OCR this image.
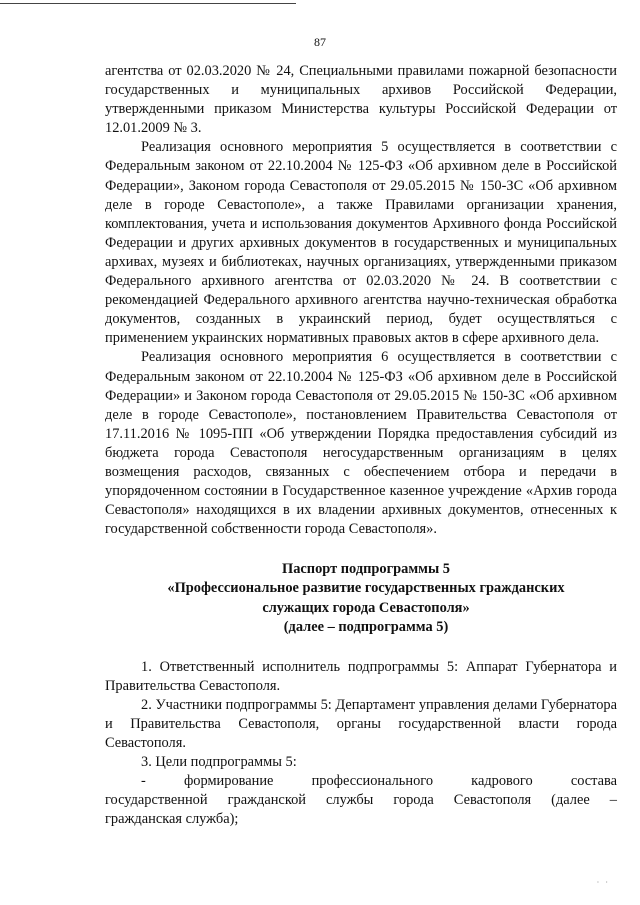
87

агентства от 02.03.2020 № 24, Специальными правилами пожарной безопасности государственных и муниципальных архивов Российской Федерации, утвержденными приказом Министерства культуры Российской Федерации от 12.01.2009 № 3.

Реализация основного мероприятия 5 осуществляется в соответствии с Федеральным законом от 22.10.2004 № 125-ФЗ «Об архивном деле в Российской Федерации», Законом города Севастополя от 29.05.2015 № 150-ЗС «Об архивном деле в городе Севастополе», а также Правилами организации хранения, комплектования, учета и использования документов Архивного фонда Российской Федерации и других архивных документов в государственных и муниципальных архивах, музеях и библиотеках, научных организациях, утвержденными приказом Федерального архивного агентства от 02.03.2020 № 24. В соответствии с рекомендацией Федерального архивного агентства научно-техническая обработка документов, созданных в украинский период, будет осуществляться с применением украинских нормативных правовых актов в сфере архивного дела.

Реализация основного мероприятия 6 осуществляется в соответствии с Федеральным законом от 22.10.2004 № 125-ФЗ «Об архивном деле в Российской Федерации» и Законом города Севастополя от 29.05.2015 № 150-ЗС «Об архивном деле в городе Севастополе», постановлением Правительства Севастополя от 17.11.2016 № 1095-ПП «Об утверждении Порядка предоставления субсидий из бюджета города Севастополя негосударственным организациям в целях возмещения расходов, связанных с обеспечением отбора и передачи в упорядоченном состоянии в Государственное казенное учреждение «Архив города Севастополя» находящихся в их владении архивных документов, отнесенных к государственной собственности города Севастополя».

Паспорт подпрограммы 5
«Профессиональное развитие государственных гражданских
служащих города Севастополя»
(далее – подпрограмма 5)

1. Ответственный исполнитель подпрограммы 5: Аппарат Губернатора и Правительства Севастополя.

2. Участники подпрограммы 5: Департамент управления делами Губернатора и Правительства Севастополя, органы государственной власти города Севастополя.

3. Цели подпрограммы 5:

- формирование профессионального кадрового состава

государственной гражданской службы города Севастополя (далее –

гражданская служба);

· ·
